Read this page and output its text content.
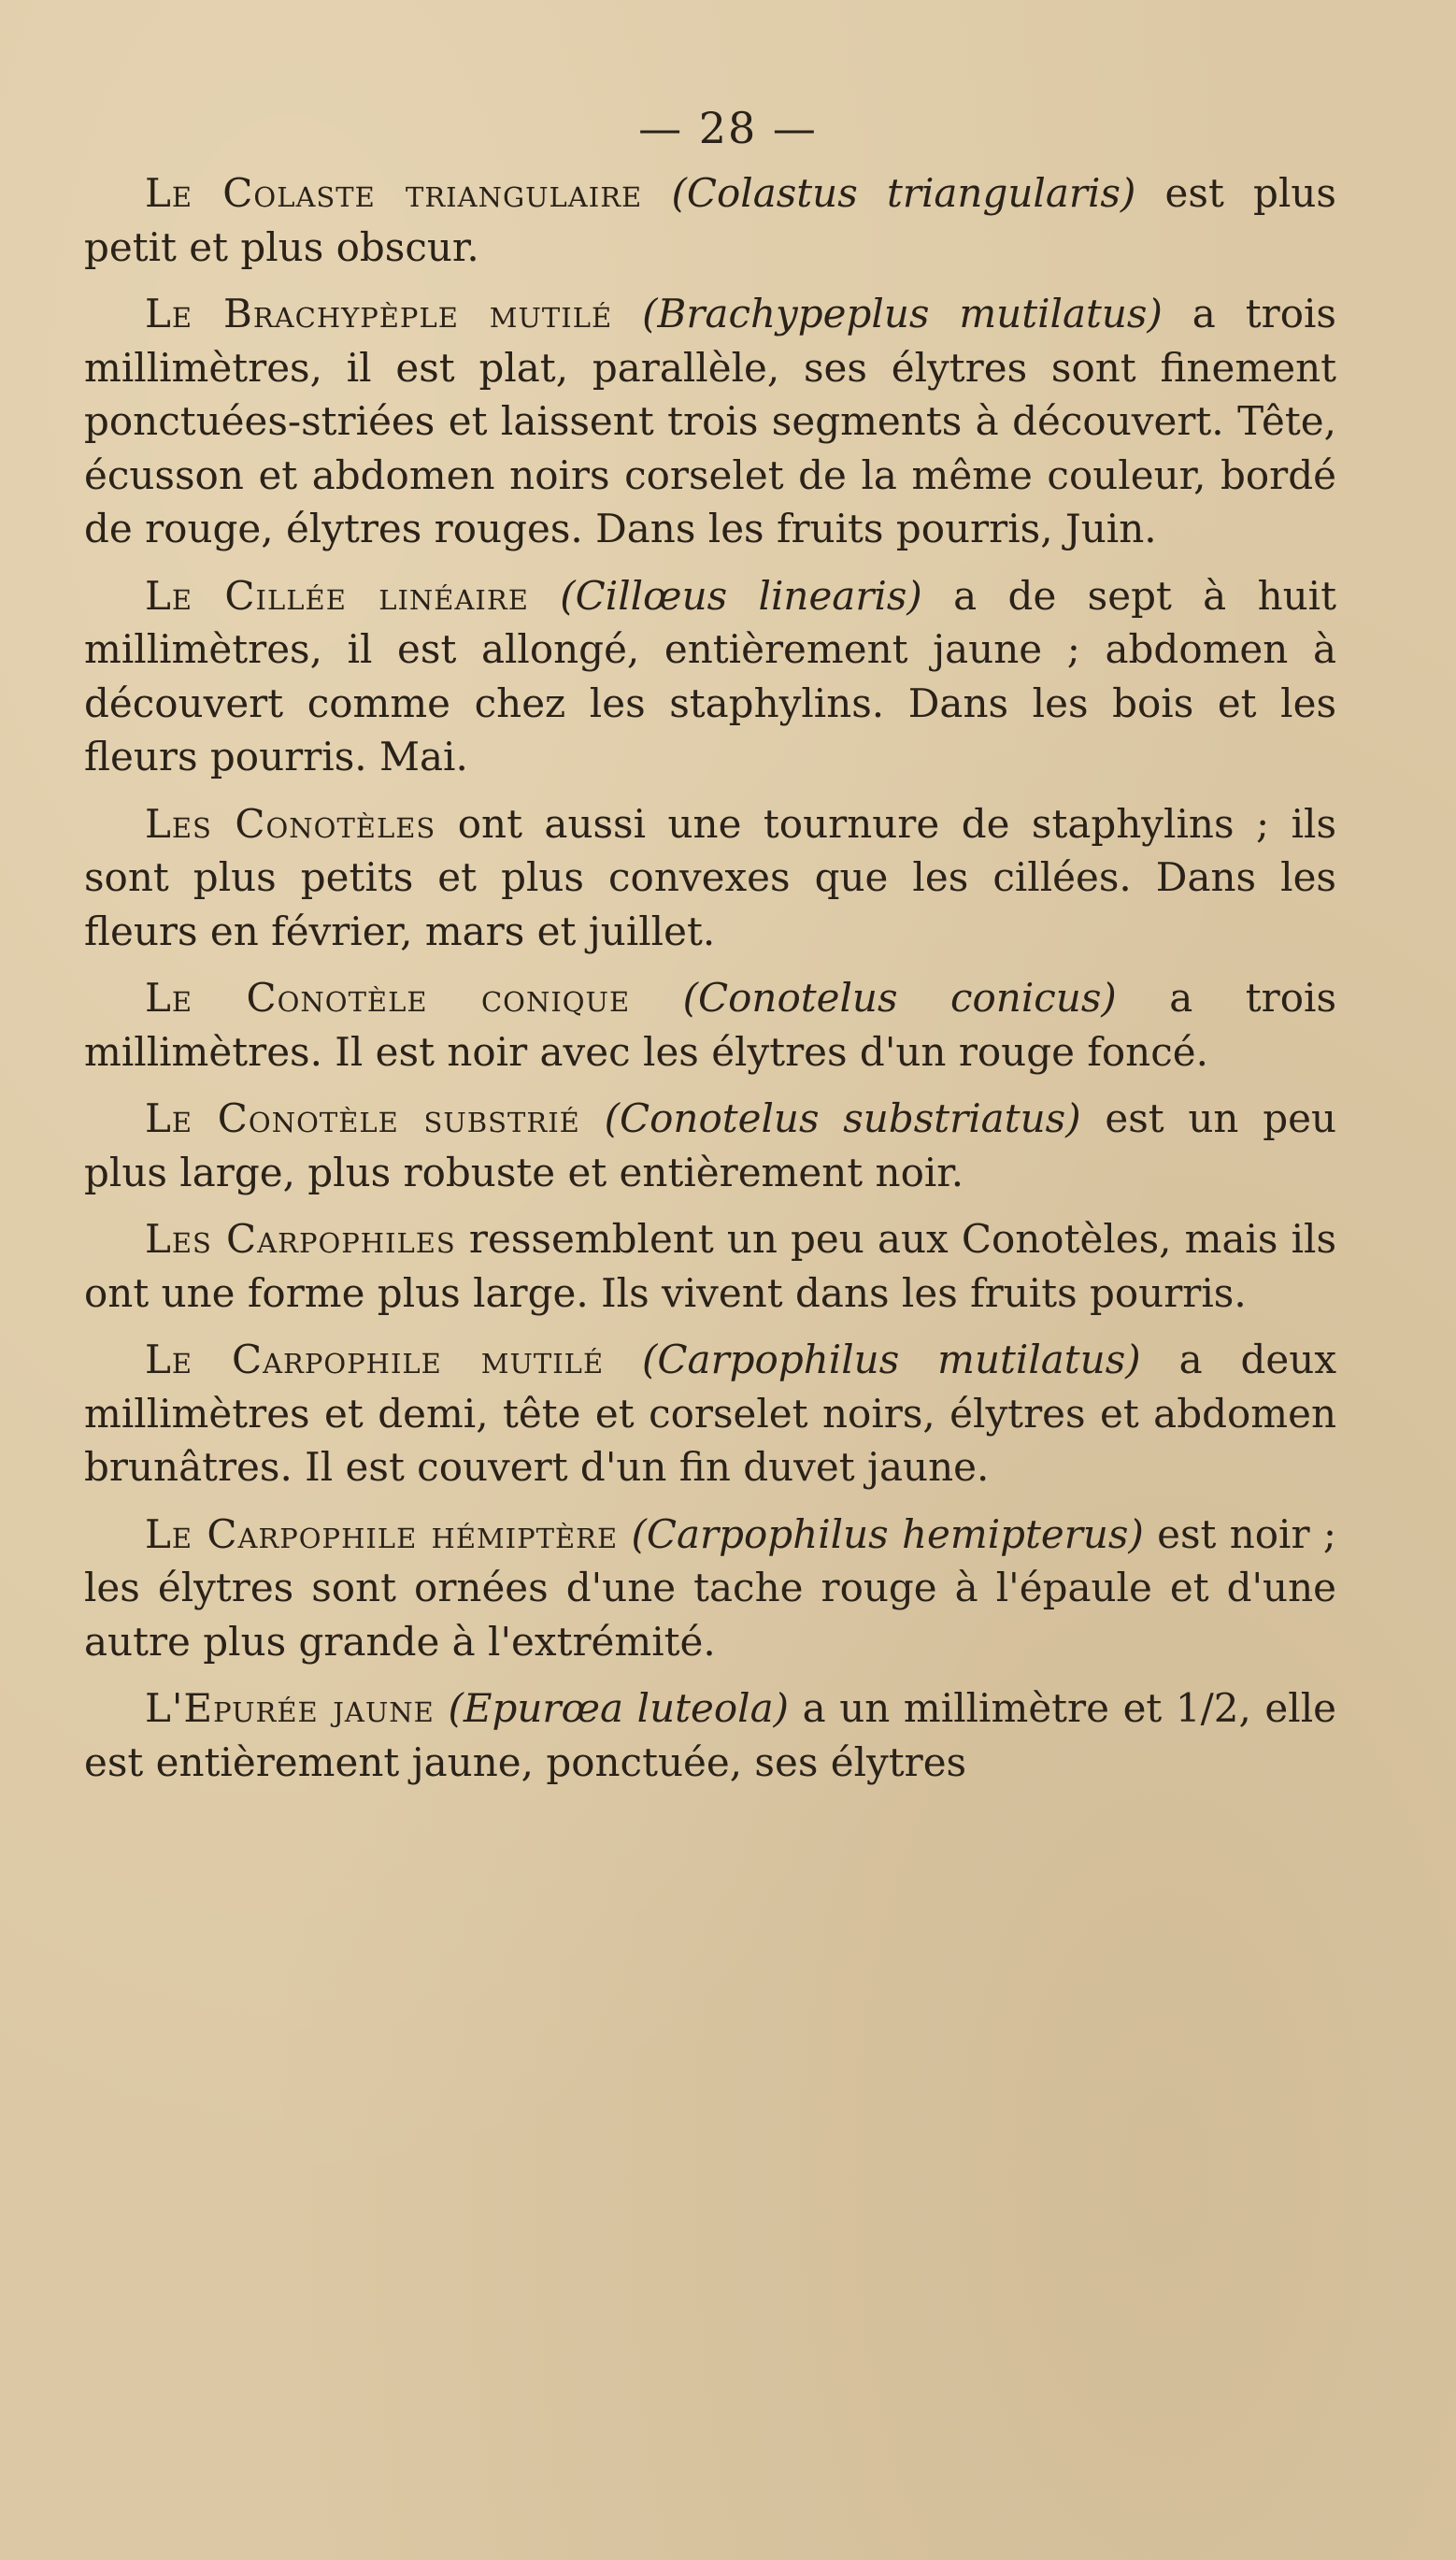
— 28 —

Le Colaste triangulaire (Colastus triangularis) est plus petit et plus obscur.

Le Brachypèple mutilé (Brachypeplus mutilatus) a trois millimètres, il est plat, parallèle, ses élytres sont finement ponctuées-striées et laissent trois segments à découvert. Tête, écusson et abdomen noirs corselet de la même couleur, bordé de rouge, élytres rouges. Dans les fruits pourris, Juin.

Le Cillée linéaire (Cillœus linearis) a de sept à huit millimètres, il est allongé, entièrement jaune ; abdomen à découvert comme chez les staphylins. Dans les bois et les fleurs pourris. Mai.

Les Conotèles ont aussi une tournure de staphylins ; ils sont plus petits et plus convexes que les cillées. Dans les fleurs en février, mars et juillet.

Le Conotèle conique (Conotelus conicus) a trois millimètres. Il est noir avec les élytres d'un rouge foncé.

Le Conotèle substrié (Conotelus substriatus) est un peu plus large, plus robuste et entièrement noir.

Les Carpophiles ressemblent un peu aux Conotèles, mais ils ont une forme plus large. Ils vivent dans les fruits pourris.

Le Carpophile mutilé (Carpophilus mutilatus) a deux millimètres et demi, tête et corselet noirs, élytres et abdomen brunâtres. Il est couvert d'un fin duvet jaune.

Le Carpophile hémiptère (Carpophilus hemipterus) est noir ; les élytres sont ornées d'une tache rouge à l'épaule et d'une autre plus grande à l'extrémité.

L'Epurée jaune (Epurœa luteola) a un millimètre et 1/2, elle est entièrement jaune, ponctuée, ses élytres
